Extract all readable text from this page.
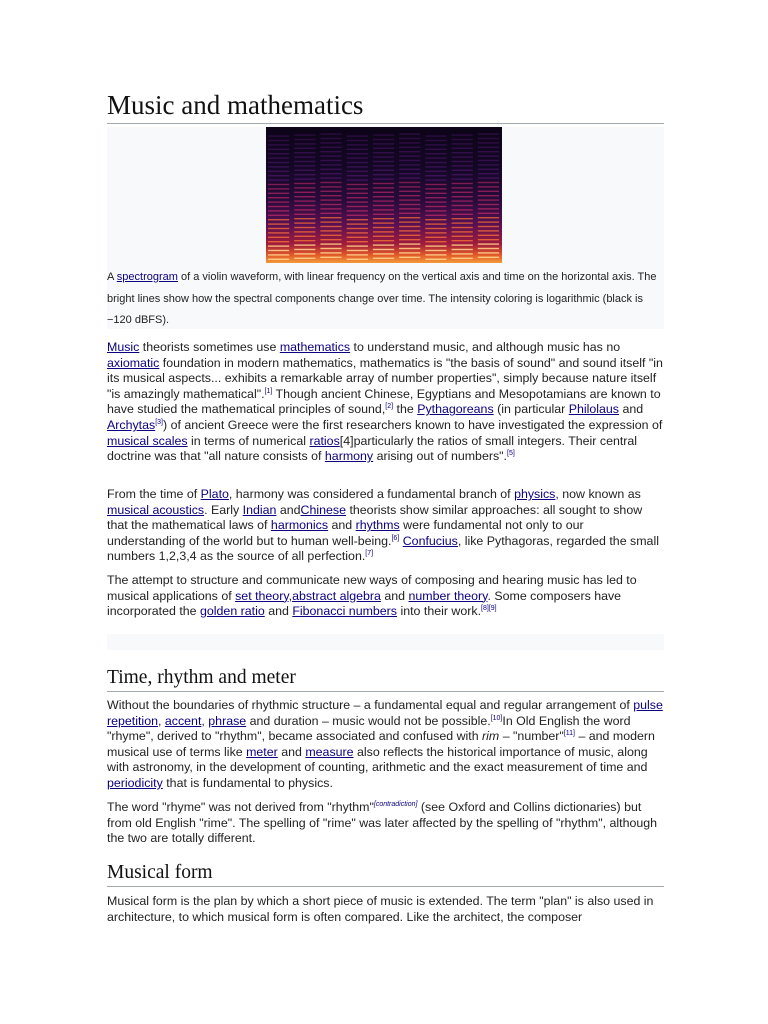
Music and mathematics
A spectrogram of a violin waveform, with linear frequency on the vertical axis and time on the horizontal axis. The bright lines show how the spectral components change over time. The intensity coloring is logarithmic (black is −120 dBFS).

Music theorists sometimes use mathematics to understand music, and although music has no axiomatic foundation in modern mathematics, mathematics is "the basis of sound" and sound itself "in its musical aspects... exhibits a remarkable array of number properties", simply because nature itself "is amazingly mathematical".[1] Though ancient Chinese, Egyptians and Mesopotamians are known to have studied the mathematical principles of sound,[2] the Pythagoreans (in particular Philolaus and Archytas[3]) of ancient Greece were the first researchers known to have investigated the expression of musical scales in terms of numerical ratios[4]particularly the ratios of small integers. Their central doctrine was that "all nature consists of harmony arising out of numbers".[5]

From the time of Plato, harmony was considered a fundamental branch of physics, now known as musical acoustics. Early Indian andChinese theorists show similar approaches: all sought to show that the mathematical laws of harmonics and rhythms were fundamental not only to our understanding of the world but to human well-being.[6] Confucius, like Pythagoras, regarded the small numbers 1,2,3,4 as the source of all perfection.[7]

The attempt to structure and communicate new ways of composing and hearing music has led to musical applications of set theory,abstract algebra and number theory. Some composers have incorporated the golden ratio and Fibonacci numbers into their work.[8][9]

Time, rhythm and meter

Without the boundaries of rhythmic structure – a fundamental equal and regular arrangement of pulse repetition, accent, phrase and duration – music would not be possible.[10]In Old English the word "rhyme", derived to "rhythm", became associated and confused with rim – "number"[11] – and modern musical use of terms like meter and measure also reflects the historical importance of music, along with astronomy, in the development of counting, arithmetic and the exact measurement of time and periodicity that is fundamental to physics.

The word "rhyme" was not derived from "rhythm"[contradiction] (see Oxford and Collins dictionaries) but from old English "rime". The spelling of "rime" was later affected by the spelling of "rhythm", although the two are totally different.

Musical form

Musical form is the plan by which a short piece of music is extended. The term "plan" is also used in architecture, to which musical form is often compared. Like the architect, the composer
